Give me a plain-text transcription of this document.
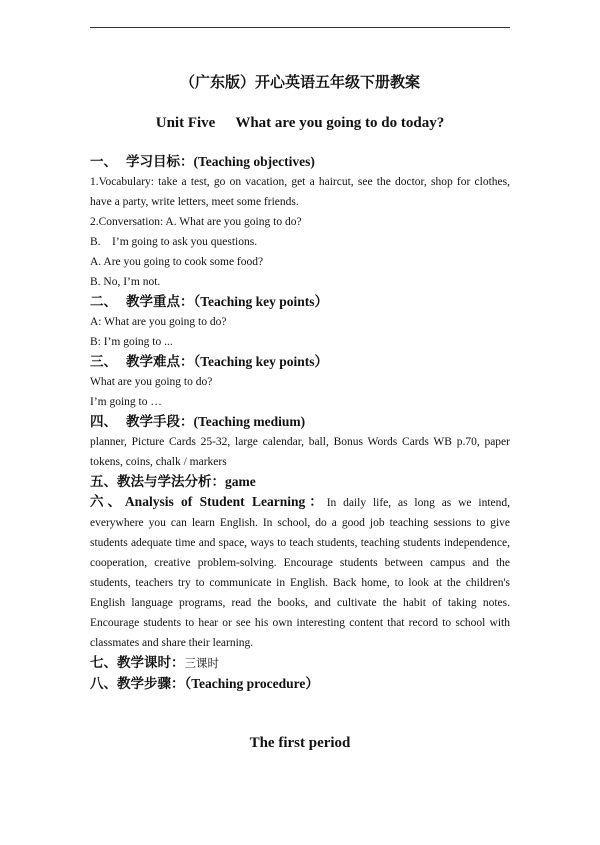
（广东版）开心英语五年级下册教案
Unit Five What are you going to do today?

一、 学习目标：(Teaching objectives)

1.Vocabulary: take a test, go on vacation, get a haircut, see the doctor, shop for clothes, have a party, write letters, meet some friends.

2.Conversation: A. What are you going to do?

B.    I’m going to ask you questions.

A. Are you going to cook some food?

B. No, I’m not.

二、 教学重点：（Teaching key points）

A: What are you going to do?

B: I’m going to ...

三、 教学难点：（Teaching key points）

What are you going to do?

I’m going to …

四、 教学手段：(Teaching medium)

planner, Picture Cards 25-32, large calendar, ball, Bonus Words Cards WB p.70, paper tokens, coins, chalk / markers

五、教法与学法分析：game

六、Analysis of Student Learning：In daily life, as long as we intend, everywhere you can learn English. In school, do a good job teaching sessions to give students adequate time and space, ways to teach students, teaching students independence, cooperation, creative problem-solving. Encourage students between campus and the students, teachers try to communicate in English. Back home, to look at the children's English language programs, read the books, and cultivate the habit of taking notes. Encourage students to hear or see his own interesting content that record to school with classmates and share their learning.

七、教学课时：三课时

八、教学步骤：（Teaching procedure）

The first period
